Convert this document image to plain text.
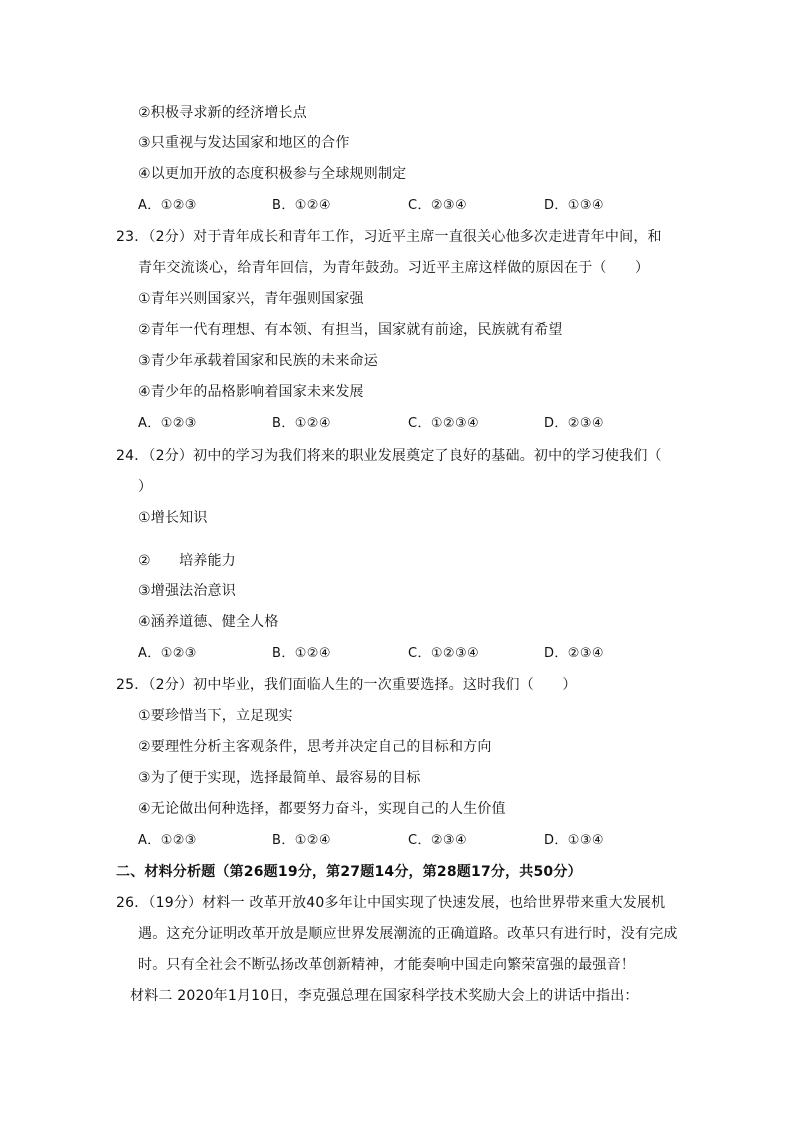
②积极寻求新的经济增长点
③只重视与发达国家和地区的合作
④以更加开放的态度积极参与全球规则制定
A．①②③	B．①②④	C．②③④	D．①③④
23．（2分）对于青年成长和青年工作，习近平主席一直很关心他多次走进青年中间，和
青年交流谈心，给青年回信，为青年鼓劲。习近平主席这样做的原因在于（　　）
①青年兴则国家兴，青年强则国家强
②青年一代有理想、有本领、有担当，国家就有前途，民族就有希望
③青少年承载着国家和民族的未来命运
④青少年的品格影响着国家未来发展
A．①②③	B．①②④	C．①②③④	D．②③④
24．（2分）初中的学习为我们将来的职业发展奠定了良好的基础。初中的学习使我们（
）
①增长知识
②　　培养能力
③增强法治意识
④涵养道德、健全人格
A．①②③	B．①②④	C．①②③④	D．②③④
25．（2分）初中毕业，我们面临人生的一次重要选择。这时我们（　　）
①要珍惜当下，立足现实
②要理性分析主客观条件，思考并决定自己的目标和方向
③为了便于实现，选择最简单、最容易的目标
④无论做出何种选择，都要努力奋斗，实现自己的人生价值
A．①②③	B．①②④	C．②③④	D．①③④
二、材料分析题（第26题19分，第27题14分，第28题17分，共50分）
26．（19分）材料一 改革开放40多年让中国实现了快速发展，也给世界带来重大发展机
遇。这充分证明改革开放是顺应世界发展潮流的正确道路。改革只有进行时，没有完成
时。只有全社会不断弘扬改革创新精神，才能奏响中国走向繁荣富强的最强音！
材料二 2020年1月10日，李克强总理在国家科学技术奖励大会上的讲话中指出：
